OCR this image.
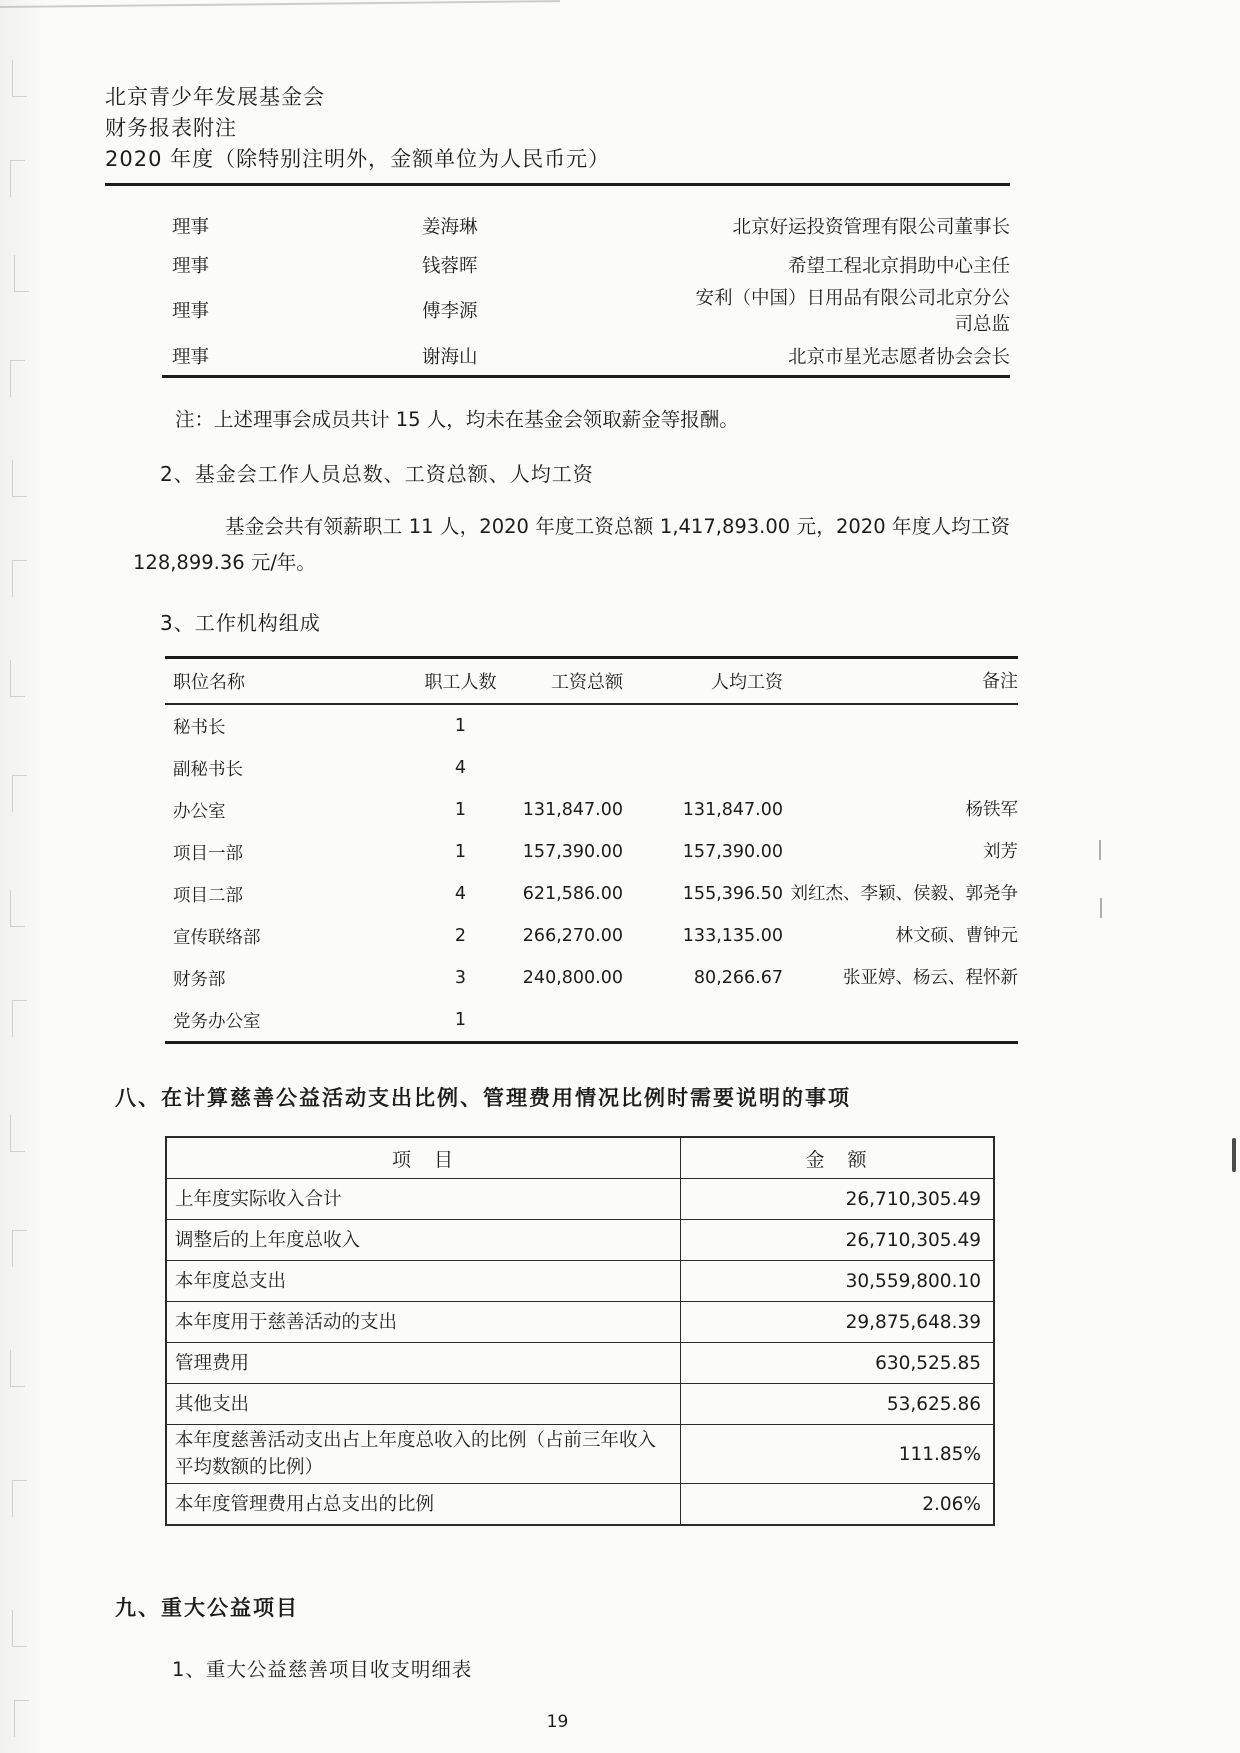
北京青少年发展基金会
财务报表附注
2020 年度（除特别注明外，金额单位为人民币元）
理事	姜海琳	北京好运投资管理有限公司董事长
理事	钱蓉晖	希望工程北京捐助中心主任
理事	傅李源	安利（中国）日用品有限公司北京分公司总监
理事	谢海山	北京市星光志愿者协会会长

注：上述理事会成员共计 15 人，均未在基金会领取薪金等报酬。

2、基金会工作人员总数、工资总额、人均工资

基金会共有领薪职工 11 人，2020 年度工资总额 1,417,893.00 元，2020 年度人均工资 128,899.36 元/年。

3、工作机构组成
职位名称	职工人数	工资总额	人均工资	备注
秘书长	1			
副秘书长	4			
办公室	1	131,847.00	131,847.00	杨铁军
项目一部	1	157,390.00	157,390.00	刘芳
项目二部	4	621,586.00	155,396.50	刘红杰、李颖、侯毅、郭尧争
宣传联络部	2	266,270.00	133,135.00	林文硕、曹钟元
财务部	3	240,800.00	80,266.67	张亚婷、杨云、程怀新
党务办公室	1			
八、在计算慈善公益活动支出比例、管理费用情况比例时需要说明的事项
项　目	金　额
上年度实际收入合计	26,710,305.49
调整后的上年度总收入	26,710,305.49
本年度总支出	30,559,800.10
本年度用于慈善活动的支出	29,875,648.39
管理费用	630,525.85
其他支出	53,625.86
本年度慈善活动支出占上年度总收入的比例（占前三年收入平均数额的比例）	111.85%
本年度管理费用占总支出的比例	2.06%
九、重大公益项目
1、重大公益慈善项目收支明细表
19
